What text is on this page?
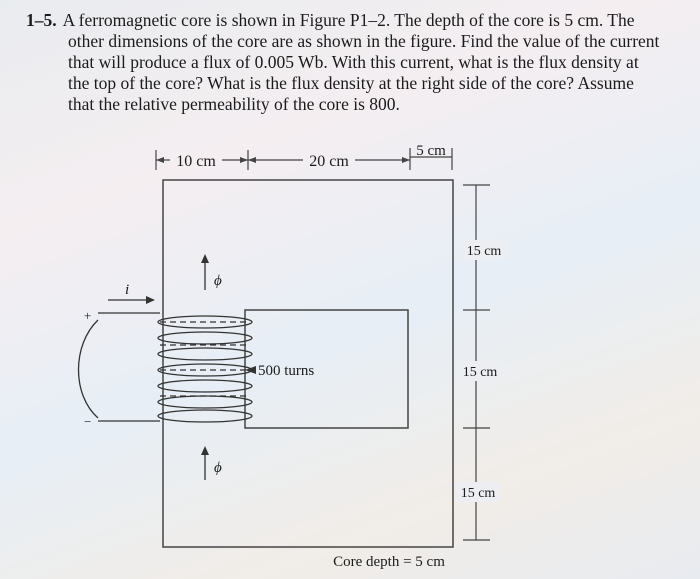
1–5. A ferromagnetic core is shown in Figure P1–2. The depth of the core is 5 cm. The
other dimensions of the core are as shown in the figure. Find the value of the current
that will produce a flux of 0.005 Wb. With this current, what is the flux density at
the top of the core? What is the flux density at the right side of the core? Assume
that the relative permeability of the core is 800.
10 cm	20 cm
5 cm
15 cm
15 cm
15 cm
ϕ
ϕ
500 turns
i
+
−
Core depth = 5 cm
